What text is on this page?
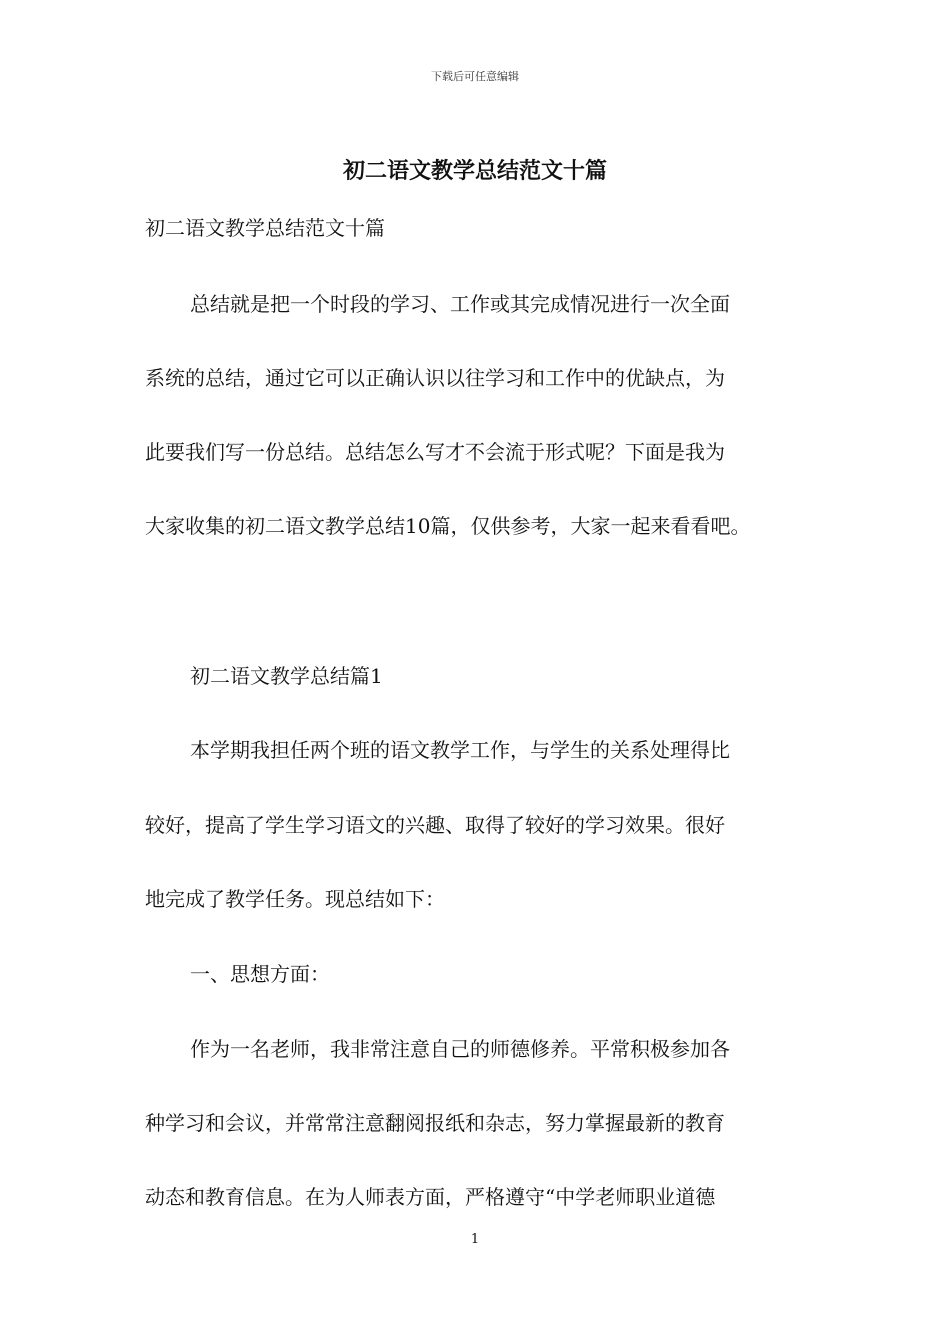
下载后可任意编辑
初二语文教学总结范文十篇
初二语文教学总结范文十篇
总结就是把一个时段的学习、工作或其完成情况进行一次全面
系统的总结，通过它可以正确认识以往学习和工作中的优缺点，为
此要我们写一份总结。总结怎么写才不会流于形式呢？下面是我为
大家收集的初二语文教学总结10篇，仅供参考，大家一起来看看吧。
初二语文教学总结篇1
本学期我担任两个班的语文教学工作，与学生的关系处理得比
较好，提高了学生学习语文的兴趣、取得了较好的学习效果。很好
地完成了教学任务。现总结如下：
一、思想方面：
作为一名老师，我非常注意自己的师德修养。平常积极参加各
种学习和会议，并常常注意翻阅报纸和杂志，努力掌握最新的教育
动态和教育信息。在为人师表方面，严格遵守“中学老师职业道德
1
